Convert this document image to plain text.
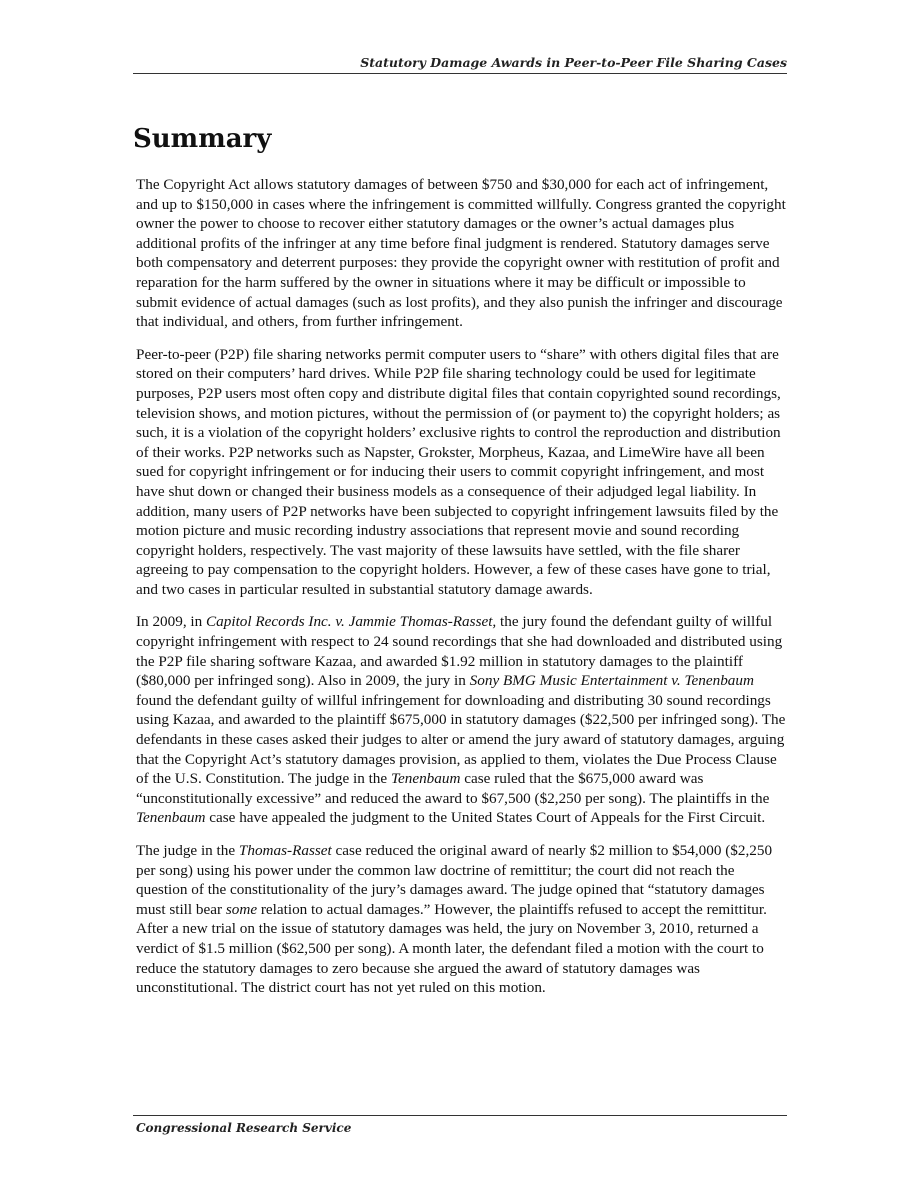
Statutory Damage Awards in Peer-to-Peer File Sharing Cases
Summary

The Copyright Act allows statutory damages of between $750 and $30,000 for each act of infringement, and up to $150,000 in cases where the infringement is committed willfully. Congress granted the copyright owner the power to choose to recover either statutory damages or the owner’s actual damages plus additional profits of the infringer at any time before final judgment is rendered. Statutory damages serve both compensatory and deterrent purposes: they provide the copyright owner with restitution of profit and reparation for the harm suffered by the owner in situations where it may be difficult or impossible to submit evidence of actual damages (such as lost profits), and they also punish the infringer and discourage that individual, and others, from further infringement.

Peer-to-peer (P2P) file sharing networks permit computer users to “share” with others digital files that are stored on their computers’ hard drives. While P2P file sharing technology could be used for legitimate purposes, P2P users most often copy and distribute digital files that contain copyrighted sound recordings, television shows, and motion pictures, without the permission of (or payment to) the copyright holders; as such, it is a violation of the copyright holders’ exclusive rights to control the reproduction and distribution of their works. P2P networks such as Napster, Grokster, Morpheus, Kazaa, and LimeWire have all been sued for copyright infringement or for inducing their users to commit copyright infringement, and most have shut down or changed their business models as a consequence of their adjudged legal liability. In addition, many users of P2P networks have been subjected to copyright infringement lawsuits filed by the motion picture and music recording industry associations that represent movie and sound recording copyright holders, respectively. The vast majority of these lawsuits have settled, with the file sharer agreeing to pay compensation to the copyright holders. However, a few of these cases have gone to trial, and two cases in particular resulted in substantial statutory damage awards.

In 2009, in Capitol Records Inc. v. Jammie Thomas-Rasset, the jury found the defendant guilty of willful copyright infringement with respect to 24 sound recordings that she had downloaded and distributed using the P2P file sharing software Kazaa, and awarded $1.92 million in statutory damages to the plaintiff ($80,000 per infringed song). Also in 2009, the jury in Sony BMG Music Entertainment v. Tenenbaum found the defendant guilty of willful infringement for downloading and distributing 30 sound recordings using Kazaa, and awarded to the plaintiff $675,000 in statutory damages ($22,500 per infringed song). The defendants in these cases asked their judges to alter or amend the jury award of statutory damages, arguing that the Copyright Act’s statutory damages provision, as applied to them, violates the Due Process Clause of the U.S. Constitution. The judge in the Tenenbaum case ruled that the $675,000 award was “unconstitutionally excessive” and reduced the award to $67,500 ($2,250 per song). The plaintiffs in the Tenenbaum case have appealed the judgment to the United States Court of Appeals for the First Circuit.

The judge in the Thomas-Rasset case reduced the original award of nearly $2 million to $54,000 ($2,250 per song) using his power under the common law doctrine of remittitur; the court did not reach the question of the constitutionality of the jury’s damages award. The judge opined that “statutory damages must still bear some relation to actual damages.” However, the plaintiffs refused to accept the remittitur. After a new trial on the issue of statutory damages was held, the jury on November 3, 2010, returned a verdict of $1.5 million ($62,500 per song). A month later, the defendant filed a motion with the court to reduce the statutory damages to zero because she argued the award of statutory damages was unconstitutional. The district court has not yet ruled on this motion.

Congressional Research Service
